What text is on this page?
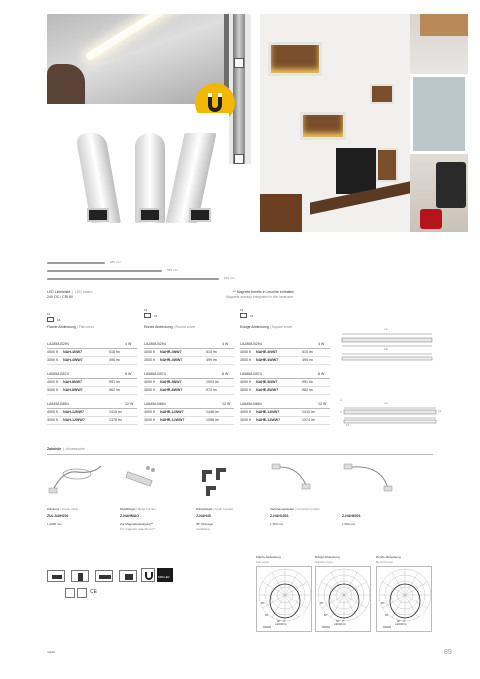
285 mm
565 mm
845 mm
LED Lichtleiste LED batten
|
24V DC / CRI 80
** Magnete bereits in Leuchte enthalten
Magnets already integrated in the luminaire
12
16
12
16
12
16
Flache Abdeckung | Flat cover
LA285/LB294	4 W
4000 K NAH-4NW7	518 lm
3000 K NAH-4WW7	495 lm
LA565/LB574	8 W
4000 K NAH-8NW7	991 lm
3000 K NAH-8WW7	962 lm
LA845/LB854	12 W
4000 K NAH-12NW7	1415 lm
3000 K NAH-12WW7	1376 lm
Runde Abdeckung | Round cover
LA285/LB294	4 W
4000 K NAHR-4NW7	514 lm
3000 K NAHR-4WW7	499 lm
LA565/LB574	8 W
4000 K NAHR-8NW7	1003 lm
3000 K NAHR-8WW7	974 lm
LA845/LB854	12 W
4000 K NAHR-12NW7	1448 lm
3000 K NAHR-12WW7	1398 lm
Eckige Abdeckung | Square cover
LA285/LB294	4 W
4000 K NAHE-4NW7	510 lm
3000 K NAHE-4WW7	495 lm
LA565/LB574	8 W
4000 K NAHE-8NW7	991 lm
3000 K NAHE-8WW7	962 lm
LA845/LB854	12 W
4000 K NAHE-12NW7	1415 lm
3000 K NAHE-12WW7	1374 lm
LA
LB
LA
16
13
Zubehör | Accessories
Zuleitung | Power cable
ZUL-NAH200
L 2000 mm
Metallbügel | Metal bracket
Z-NAHMAG
Zur Magnetbefestigung**
For magnetic attachment**
Winkelbügel | Angle bracket
Z-NAH45
45° Montage
Installation
Verbindungskabel | Connecting cable
Z-NAH1501
L 150 mm
Z-NAH6001
L 600 mm
SMD LED
CE
Flache Abdeckung
Flat cover
90°
60°
30° 0°
cd/1000 lm
Eckige Abdeckung
Square cover
90°
60°
30° 0°
cd/1000 lm
Runde Abdeckung
Round cover
90°
60°
30° 0°
cd/1000 lm
nobile	89
